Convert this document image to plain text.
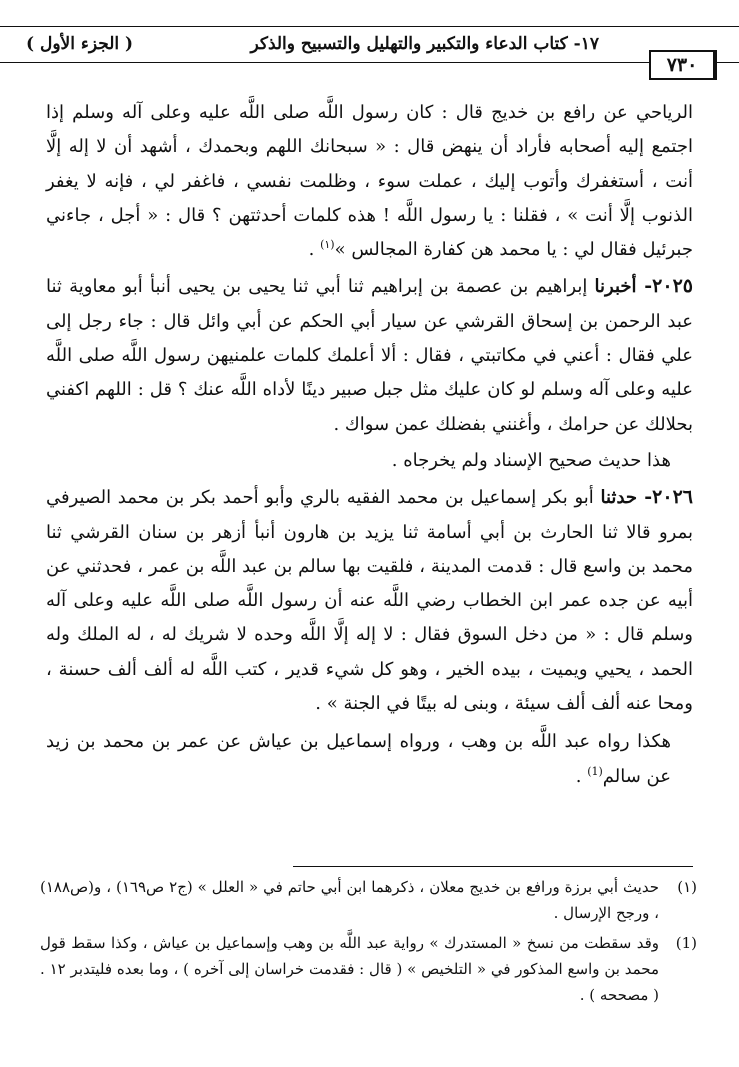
١٧- كتاب الدعاء والتكبير والتهليل والتسبيح والذكر
( الجزء الأول )
٧٣٠

الرياحي عن رافع بن خديج قال : كان رسول اللَّه صلى اللَّه عليه وعلى آله وسلم إذا اجتمع إليه أصحابه فأراد أن ينهض قال : « سبحانك اللهم وبحمدك ، أشهد أن لا إله إلَّا أنت ، أستغفرك وأتوب إليك ، عملت سوء ، وظلمت نفسي ، فاغفر لي ، فإنه لا يغفر الذنوب إلَّا أنت » ، فقلنا : يا رسول اللَّه ! هذه كلمات أحدثتهن ؟ قال : « أجل ، جاءني جبرئيل فقال لي : يا محمد هن كفارة المجالس »$^{(١)}$ .

٢٠٢٥- أخبرنا إبراهيم بن عصمة بن إبراهيم ثنا أبي ثنا يحيى بن يحيى أنبأ أبو معاوية ثنا عبد الرحمن بن إسحاق القرشي عن سيار أبي الحكم عن أبي وائل قال : جاء رجل إلى علي فقال : أعني في مكاتبتي ، فقال : ألا أعلمك كلمات علمنيهن رسول اللَّه صلى اللَّه عليه وعلى آله وسلم لو كان عليك مثل جبل صبير دينًا لأداه اللَّه عنك ؟ قل : اللهم اكفني بحلالك عن حرامك ، وأغنني بفضلك عمن سواك .

هذا حديث صحيح الإسناد ولم يخرجاه .

٢٠٢٦- حدثنا أبو بكر إسماعيل بن محمد الفقيه بالري وأبو أحمد بكر بن محمد الصيرفي بمرو قالا ثنا الحارث بن أبي أسامة ثنا يزيد بن هارون أنبأ أزهر بن سنان القرشي ثنا محمد بن واسع قال : قدمت المدينة ، فلقيت بها سالم بن عبد اللَّه بن عمر ، فحدثني عن أبيه عن جده عمر ابن الخطاب رضي اللَّه عنه أن رسول اللَّه صلى اللَّه عليه وعلى آله وسلم قال : « من دخل السوق فقال : لا إله إلَّا اللَّه وحده لا شريك له ، له الملك وله الحمد ، يحيي ويميت ، بيده الخير ، وهو كل شيء قدير ، كتب اللَّه له ألف ألف حسنة ، ومحا عنه ألف ألف سيئة ، وبنى له بيتًا في الجنة » .

هكذا رواه عبد اللَّه بن وهب ، ورواه إسماعيل بن عياش عن عمر بن محمد بن زيد عن سالم$^{(1)}$ .

(١)
حديث أبي برزة ورافع بن خديج معلان ، ذكرهما ابن أبي حاتم في « العلل » (ج٢ ص١٦٩) ، و(ص١٨٨) ، ورجح الإرسال .

(1)
وقد سقطت من نسخ « المستدرك » رواية عبد اللَّه بن وهب وإسماعيل بن عياش ، وكذا سقط قول محمد بن واسع المذكور في « التلخيص » ( قال : فقدمت خراسان إلى آخره ) ، وما بعده فليتدبر ١٢ . ( مصححه ) .
